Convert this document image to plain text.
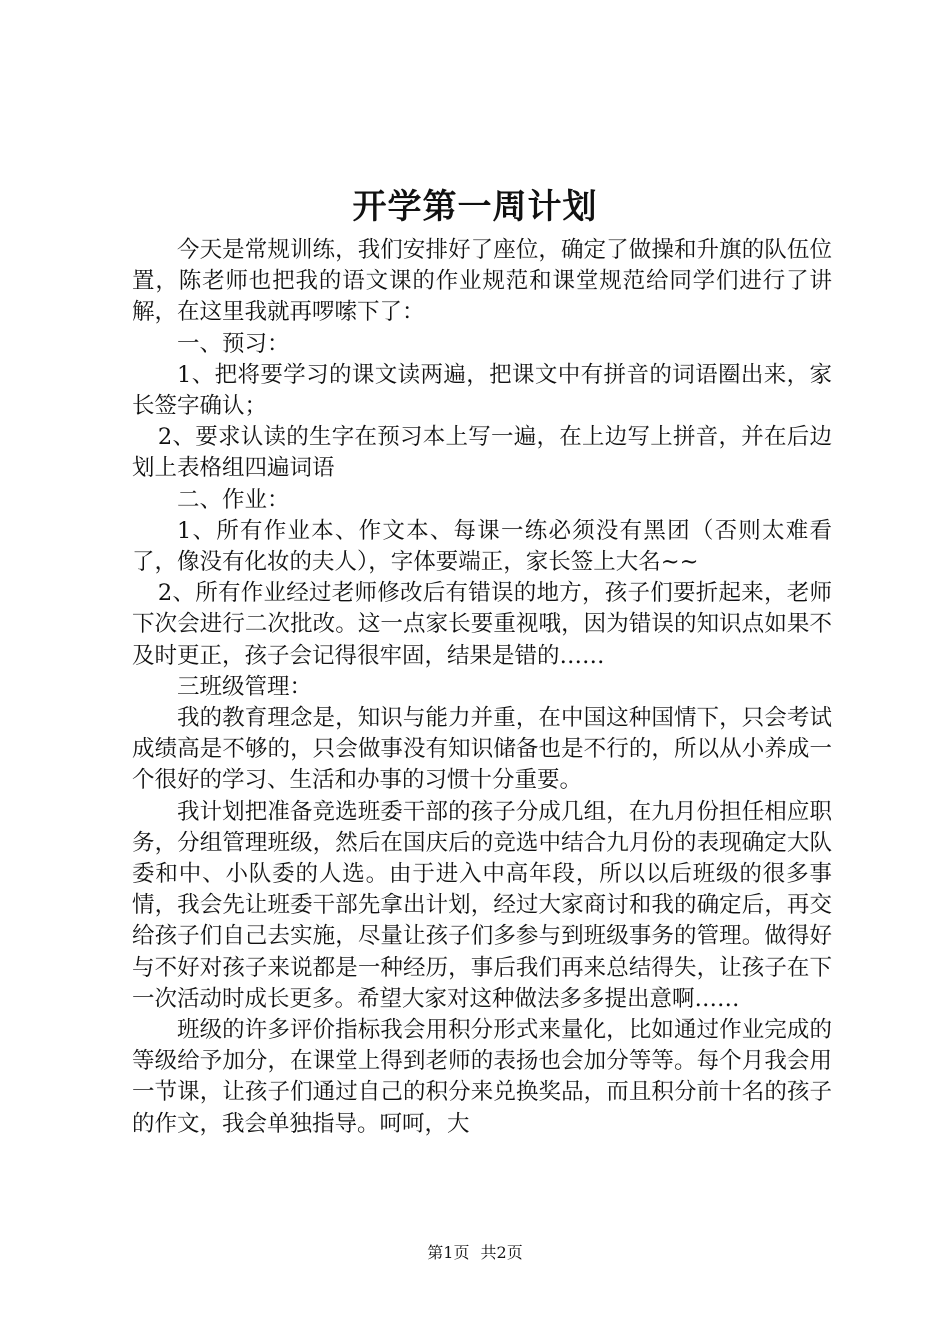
开学第一周计划

今天是常规训练，我们安排好了座位，确定了做操和升旗的队伍位置，陈老师也把我的语文课的作业规范和课堂规范给同学们进行了讲解，在这里我就再啰嗦下了：

一、预习：

1、把将要学习的课文读两遍，把课文中有拼音的词语圈出来，家长签字确认；

2、要求认读的生字在预习本上写一遍，在上边写上拼音，并在后边划上表格组四遍词语

二、作业：

1、所有作业本、作文本、每课一练必须没有黑团（否则太难看了，像没有化妆的夫人），字体要端正，家长签上大名~~

2、所有作业经过老师修改后有错误的地方，孩子们要折起来，老师下次会进行二次批改。这一点家长要重视哦，因为错误的知识点如果不及时更正，孩子会记得很牢固，结果是错的……

三班级管理：

我的教育理念是，知识与能力并重，在中国这种国情下，只会考试成绩高是不够的，只会做事没有知识储备也是不行的，所以从小养成一个很好的学习、生活和办事的习惯十分重要。

我计划把准备竞选班委干部的孩子分成几组，在九月份担任相应职务，分组管理班级，然后在国庆后的竞选中结合九月份的表现确定大队委和中、小队委的人选。由于进入中高年段，所以以后班级的很多事情，我会先让班委干部先拿出计划，经过大家商讨和我的确定后，再交给孩子们自己去实施，尽量让孩子们多参与到班级事务的管理。做得好与不好对孩子来说都是一种经历，事后我们再来总结得失，让孩子在下一次活动时成长更多。希望大家对这种做法多多提出意啊……

班级的许多评价指标我会用积分形式来量化，比如通过作业完成的等级给予加分，在课堂上得到老师的表扬也会加分等等。每个月我会用一节课，让孩子们通过自己的积分来兑换奖品，而且积分前十名的孩子的作文，我会单独指导。呵呵，大

第1页 共2页
